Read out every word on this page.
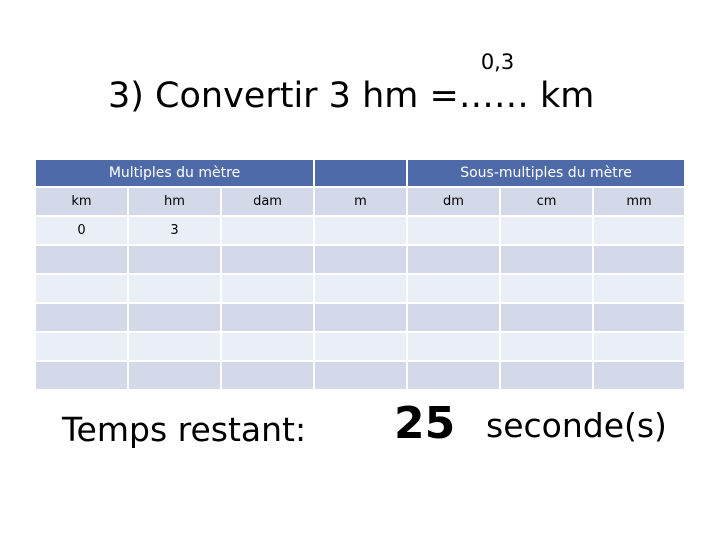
3) Convertir 3 hm =……
0,3
km
Multiples du mètre				Sous-multiples du mètre		
km	hm	dam	m	dm	cm	mm
0	3					

Temps restant: 25 seconde(s)
